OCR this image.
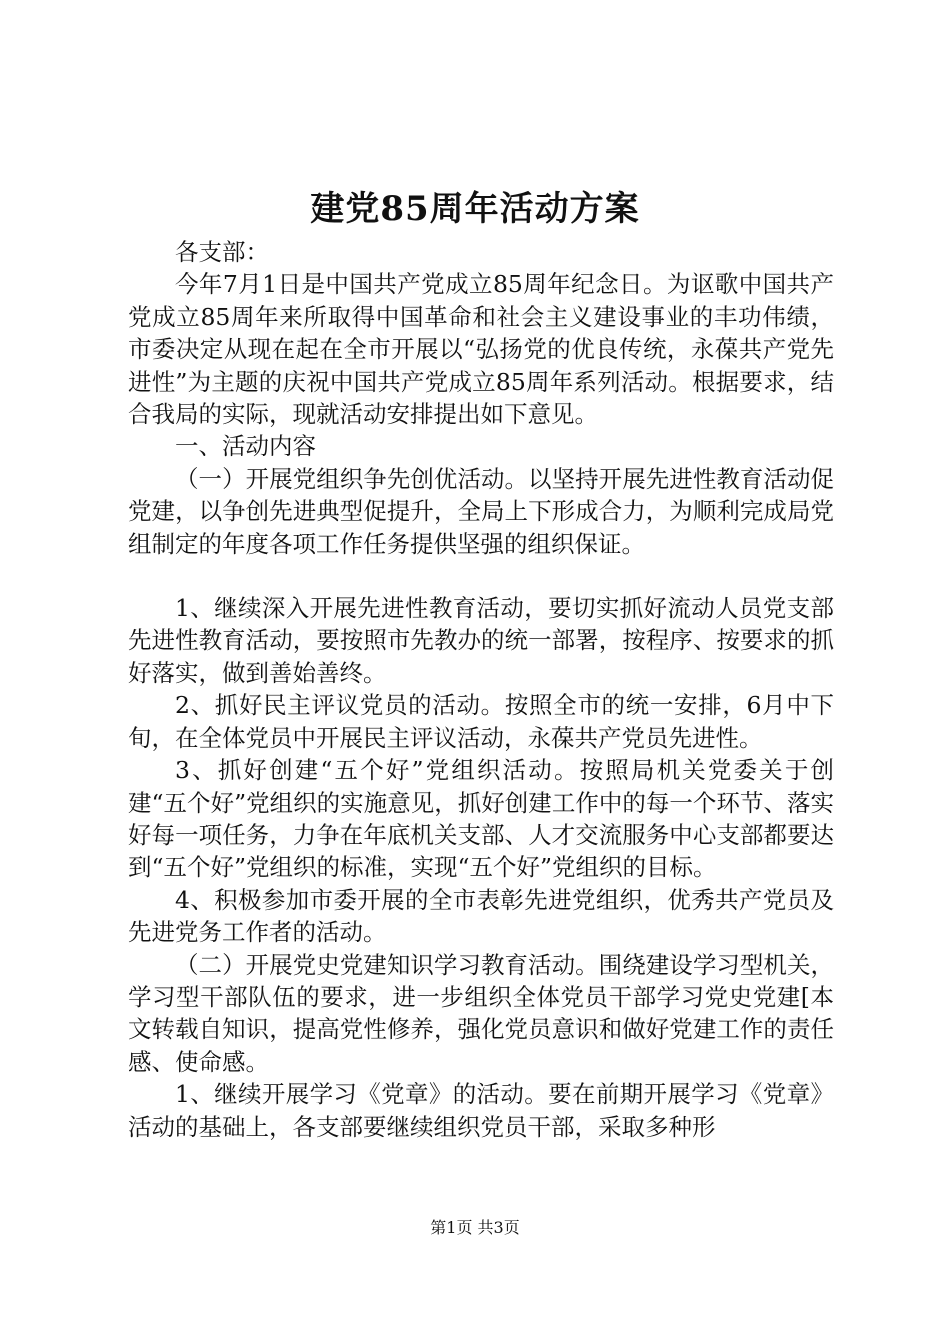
建党85周年活动方案

各支部：

今年7月1日是中国共产党成立85周年纪念日。为讴歌中国共产党成立85周年来所取得中国革命和社会主义建设事业的丰功伟绩，市委决定从现在起在全市开展以“弘扬党的优良传统，永葆共产党先进性”为主题的庆祝中国共产党成立85周年系列活动。根据要求，结合我局的实际，现就活动安排提出如下意见。

一、活动内容

（一）开展党组织争先创优活动。以坚持开展先进性教育活动促党建，以争创先进典型促提升，全局上下形成合力，为顺利完成局党组制定的年度各项工作任务提供坚强的组织保证。

1、继续深入开展先进性教育活动，要切实抓好流动人员党支部先进性教育活动，要按照市先教办的统一部署，按程序、按要求的抓好落实，做到善始善终。

2、抓好民主评议党员的活动。按照全市的统一安排，6月中下旬，在全体党员中开展民主评议活动，永葆共产党员先进性。

3、抓好创建“五个好”党组织活动。按照局机关党委关于创建“五个好”党组织的实施意见，抓好创建工作中的每一个环节、落实好每一项任务，力争在年底机关支部、人才交流服务中心支部都要达到“五个好”党组织的标准，实现“五个好”党组织的目标。

4、积极参加市委开展的全市表彰先进党组织，优秀共产党员及先进党务工作者的活动。

（二）开展党史党建知识学习教育活动。围绕建设学习型机关，学习型干部队伍的要求，进一步组织全体党员干部学习党史党建[本文转载自知识，提高党性修养，强化党员意识和做好党建工作的责任感、使命感。

1、继续开展学习《党章》的活动。要在前期开展学习《党章》活动的基础上，各支部要继续组织党员干部，采取多种形

第1页 共3页
